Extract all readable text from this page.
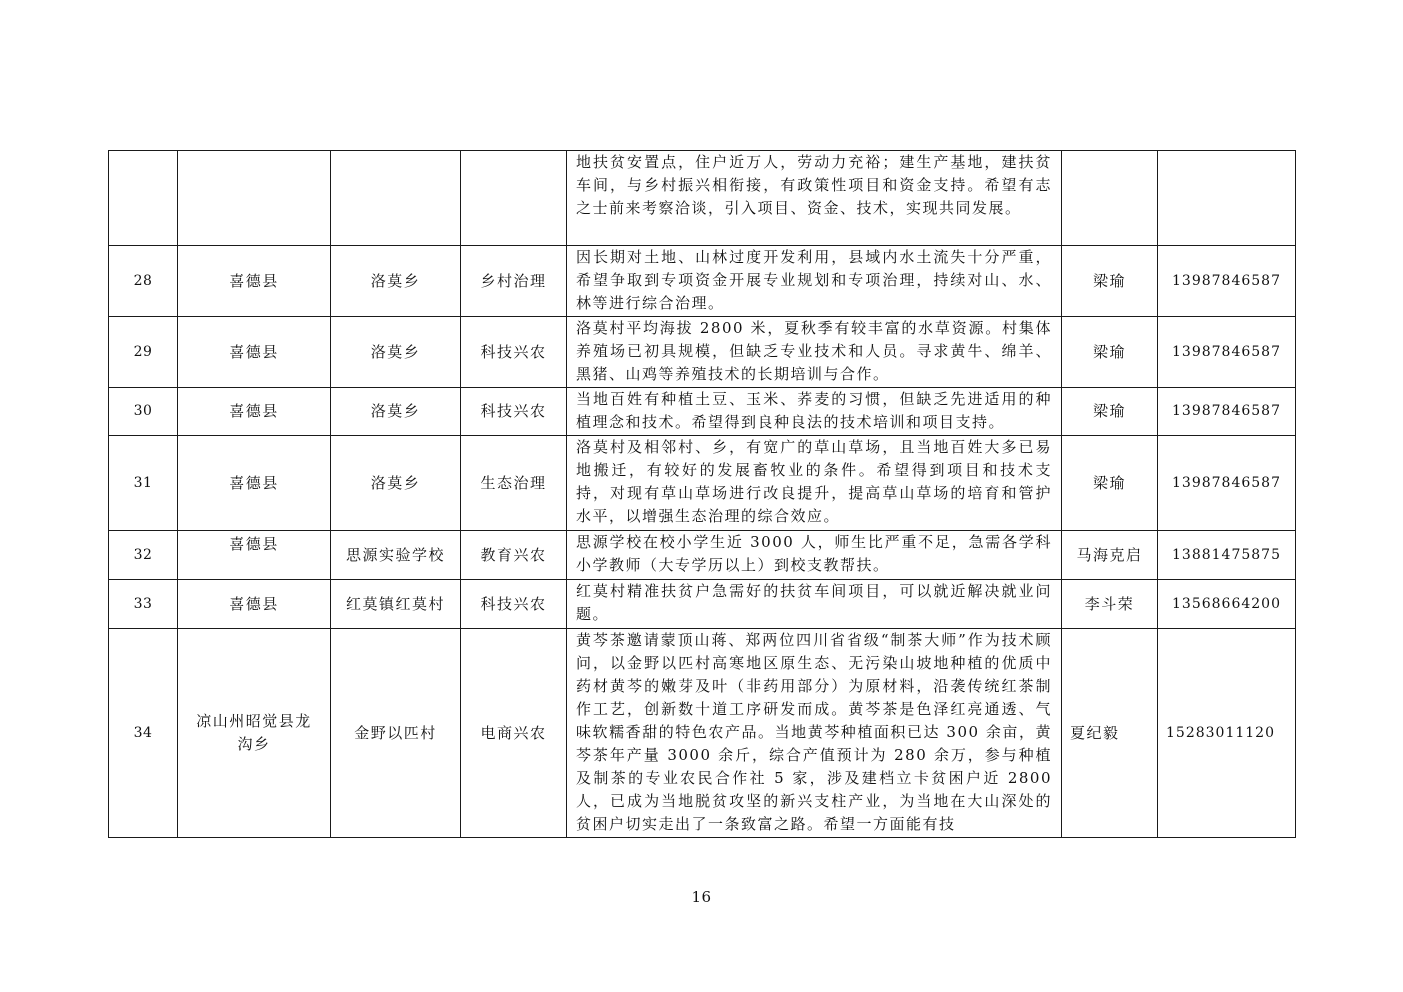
				地扶贫安置点，住户近万人，劳动力充裕；建生产基地，建扶贫车间，与乡村振兴相衔接，有政策性项目和资金支持。希望有志之士前来考察洽谈，引入项目、资金、技术，实现共同发展。		
28	喜德县	洛莫乡	乡村治理	因长期对土地、山林过度开发利用，县域内水土流失十分严重，希望争取到专项资金开展专业规划和专项治理，持续对山、水、林等进行综合治理。	梁瑜	13987846587
29	喜德县	洛莫乡	科技兴农	洛莫村平均海拔 2800 米，夏秋季有较丰富的水草资源。村集体养殖场已初具规模，但缺乏专业技术和人员。寻求黄牛、绵羊、黑猪、山鸡等养殖技术的长期培训与合作。	梁瑜	13987846587
30	喜德县	洛莫乡	科技兴农	当地百姓有种植土豆、玉米、荞麦的习惯，但缺乏先进适用的种植理念和技术。希望得到良种良法的技术培训和项目支持。	梁瑜	13987846587
31	喜德县	洛莫乡	生态治理	洛莫村及相邻村、乡，有宽广的草山草场，且当地百姓大多已易地搬迁，有较好的发展畜牧业的条件。希望得到项目和技术支持，对现有草山草场进行改良提升，提高草山草场的培育和管护水平，以增强生态治理的综合效应。	梁瑜	13987846587
32	喜德县	思源实验学校	教育兴农	思源学校在校小学生近 3000 人，师生比严重不足，急需各学科小学教师（大专学历以上）到校支教帮扶。	马海克启	13881475875
33	喜德县	红莫镇红莫村	科技兴农	红莫村精准扶贫户急需好的扶贫车间项目，可以就近解决就业问题。	李斗荣	13568664200
34	凉山州昭觉县龙沟乡	金野以匹村	电商兴农	黄芩茶邀请蒙顶山蒋、郑两位四川省省级“制茶大师”作为技术顾问，以金野以匹村高寒地区原生态、无污染山坡地种植的优质中药材黄芩的嫩芽及叶（非药用部分）为原材料，沿袭传统红茶制作工艺，创新数十道工序研发而成。黄芩茶是色泽红亮通透、气味软糯香甜的特色农产品。当地黄芩种植面积已达 300 余亩，黄芩茶年产量 3000 余斤，综合产值预计为 280 余万，参与种植及制茶的专业农民合作社 5 家，涉及建档立卡贫困户近 2800 人，已成为当地脱贫攻坚的新兴支柱产业，为当地在大山深处的贫困户切实走出了一条致富之路。希望一方面能有技	夏纪毅	15283011120
16
